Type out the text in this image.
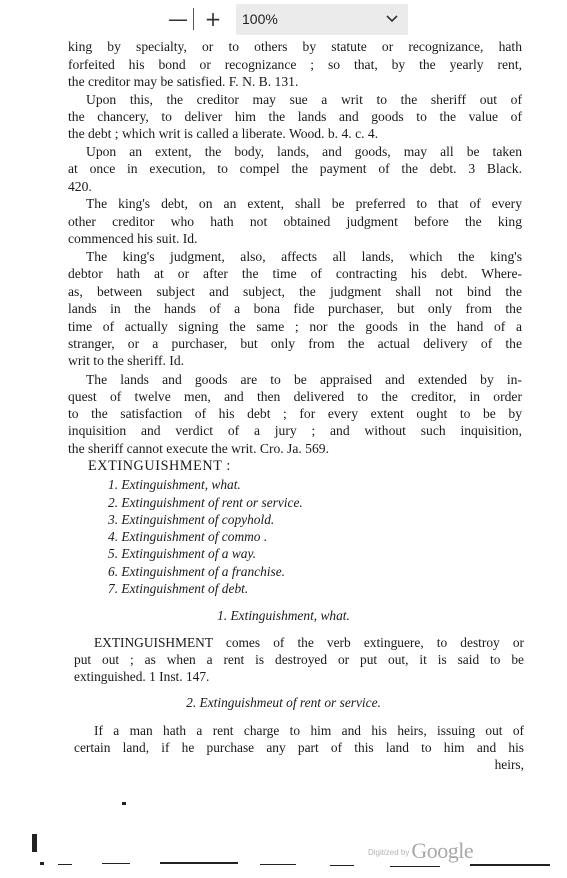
— +	100%
king by specialty, or to others by statute or recognizance, hath
forfeited his bond or recognizance ; so that, by the yearly rent,
the creditor may be satisfied. F. N. B. 131.
Upon this, the creditor may sue a writ to the sheriff out of
the chancery, to deliver him the lands and goods to the value of
the debt ; which writ is called a liberate. Wood. b. 4. c. 4.
Upon an extent, the body, lands, and goods, may all be taken
at once in execution, to compel the payment of the debt. 3 Black.
420.
The king's debt, on an extent, shall be preferred to that of every
other creditor who hath not obtained judgment before the king
commenced his suit. Id.
The king's judgment, also, affects all lands, which the king's
debtor hath at or after the time of contracting his debt. Where-
as, between subject and subject, the judgment shall not bind the
lands in the hands of a bona fide purchaser, but only from the
time of actually signing the same ; nor the goods in the hand of a
stranger, or a purchaser, but only from the actual delivery of the
writ to the sheriff. Id.
The lands and goods are to be appraised and extended by in-
quest of twelve men, and then delivered to the creditor, in order
to the satisfaction of his debt ; for every extent ought to be by
inquisition and verdict of a jury ; and without such inquisition,
the sheriff cannot execute the writ. Cro. Ja. 569.
EXTINGUISHMENT :
1. Extinguishment, what.
2. Extinguishment of rent or service.
3. Extinguishment of copyhold.
4. Extinguishment of commo .
5. Extinguishment of a way.
6. Extinguishment of a franchise.
7. Extinguishment of debt.
1. Extinguishment, what.
EXTINGUISHMENT comes of the verb extinguere, to destroy or
put out ; as when a rent is destroyed or put out, it is said to be
extinguished. 1 Inst. 147.
2. Extinguishmeut of rent or service.
If a man hath a rent charge to him and his heirs, issuing out of
certain land, if he purchase any part of this land to him and his
heirs,
Digitized byGoogle
